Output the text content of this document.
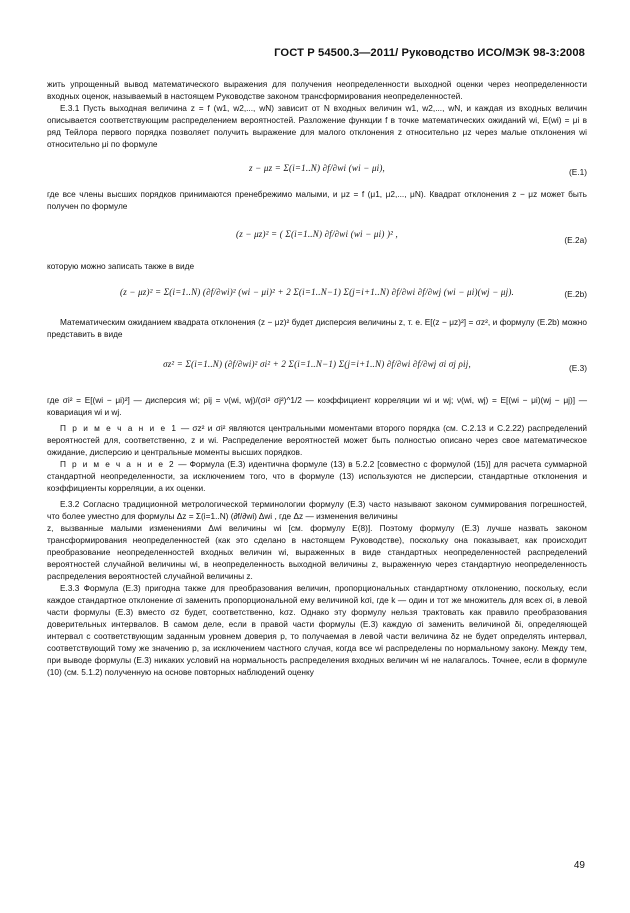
ГОСТ Р 54500.3—2011/ Руководство ИСО/МЭК 98-3:2008

жить упрощенный вывод математического выражения для получения неопределенности выходной оценки через неопределенности входных оценок, называемый в настоящем Руководстве законом трансформирования неопределенностей.

Е.3.1 Пусть выходная величина z = f (w1, w2,..., wN) зависит от N входных величин w1, w2,..., wN, и каждая из входных величин описывается соответствующим распределением вероятностей. Разложение функции f в точке математических ожиданий wi, E(wi) = μi в ряд Тейлора первого порядка позволяет получить выражение для малого отклонения z относительно μz через малые отклонения wi относительно μi по формуле

z − μz = Σ(i=1..N) ∂f/∂wi (wi − μi),	(Е.1)

где все члены высших порядков принимаются пренебрежимо малыми, и μz = f (μ1, μ2,..., μN). Квадрат отклонения z − μz может быть получен по формуле

(z − μz)² = ( Σ(i=1..N) ∂f/∂wi (wi − μi) )² ,
(Е.2а)

которую можно записать также в виде

(z − μz)² = Σ(i=1..N) (∂f/∂wi)² (wi − μi)² + 2 Σ(i=1..N−1) Σ(j=i+1..N) ∂f/∂wi ∂f/∂wj (wi − μi)(wj − μj).	(Е.2b)

Математическим ожиданием квадрата отклонения (z − μz)² будет дисперсия величины z, т. е. E[(z − μz)²] = σz², и формулу (Е.2b) можно представить в виде

σz² = Σ(i=1..N) (∂f/∂wi)² σi² + 2 Σ(i=1..N−1) Σ(j=i+1..N) ∂f/∂wi ∂f/∂wj σi σj ρij,	(Е.3)

где σi² = E[(wi − μi)²] — дисперсия wi; ρij = ν(wi, wj)/(σi² σj²)^1/2 — коэффициент корреляции wi и wj; ν(wi, wj) = E[(wi − μi)(wj − μj)] — ковариация wi и wj.

П р и м е ч а н и е 1 — σz² и σi² являются центральными моментами второго порядка (см. С.2.13 и С.2.22) распределений вероятностей для, соответственно, z и wi. Распределение вероятностей может быть полностью описано через свое математическое ожидание, дисперсию и центральные моменты высших порядков.

П р и м е ч а н и е 2 — Формула (Е.3) идентична формуле (13) в 5.2.2 [совместно с формулой (15)] для расчета суммарной стандартной неопределенности, за исключением того, что в формуле (13) используются не дисперсии, стандартные отклонения и коэффициенты корреляции, а их оценки.

Е.3.2 Согласно традиционной метрологической терминологии формулу (Е.3) часто называют законом суммирования погрешностей, что более уместно для формулы Δz = Σ(i=1..N) (∂f/∂wi) Δwi , где Δz — изменения величины

z, вызванные малыми изменениями Δwi величины wi [см. формулу Е(8)]. Поэтому формулу (Е.3) лучше назвать законом трансформирования неопределенностей (как это сделано в настоящем Руководстве), поскольку она показывает, как происходит преобразование неопределенностей входных величин wi, выраженных в виде стандартных неопределенностей распределений вероятностей случайной величины wi, в неопределенность выходной величины z, выраженную через стандартную неопределенность распределения вероятностей случайной величины z.

Е.3.3 Формула (Е.3) пригодна также для преобразования величин, пропорциональных стандартному отклонению, поскольку, если каждое стандартное отклонение σi заменить пропорциональной ему величиной kσi, где k — один и тот же множитель для всех σi, в левой части формулы (Е.3) вместо σz будет, соответственно, kσz. Однако эту формулу нельзя трактовать как правило преобразования доверительных интервалов. В самом деле, если в правой части формулы (Е.3) каждую σi заменить величиной δi, определяющей интервал с соответствующим заданным уровнем доверия p, то получаемая в левой части величина δz не будет определять интервал, соответствующий тому же значению p, за исключением частного случая, когда все wi распределены по нормальному закону. Между тем, при выводе формулы (Е.3) никаких условий на нормальность распределения входных величин wi не налагалось. Точнее, если в формуле (10) (см. 5.1.2) полученную на основе повторных наблюдений оценку

49
